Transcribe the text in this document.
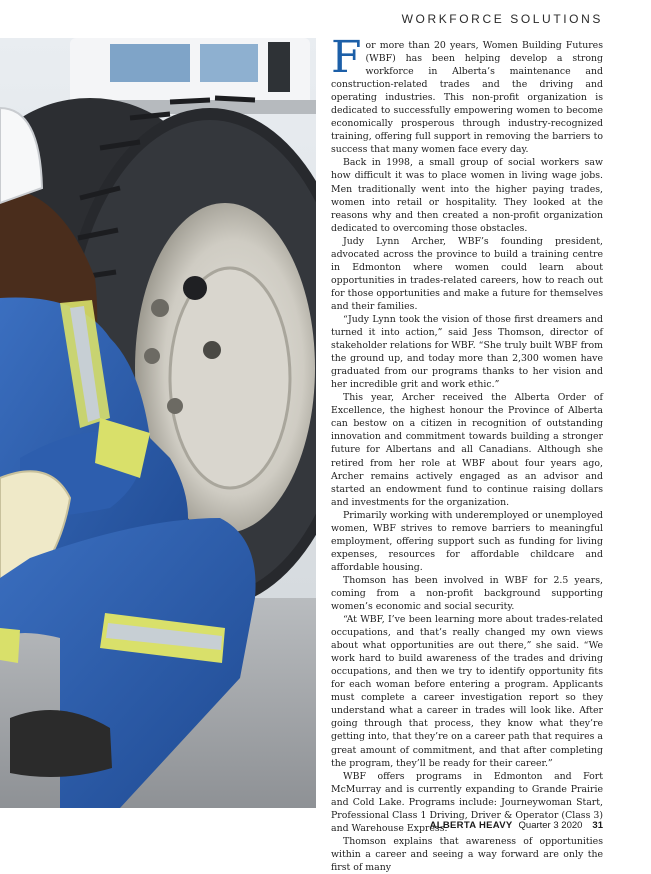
WORKFORCE SOLUTIONS

For more than 20 years, Women Building Futures (WBF) has been helping develop a strong workforce in Alberta’s maintenance and construction-related trades and the driving and operating industries. This non-profit organization is dedicated to successfully empowering women to become economically prosperous through industry-recognized training, offering full support in removing the barriers to success that many women face every day.

Back in 1998, a small group of social workers saw how difficult it was to place women in living wage jobs. Men traditionally went into the higher paying trades, women into retail or hospitality. They looked at the reasons why and then created a non-profit organization dedicated to overcoming those obstacles.

Judy Lynn Archer, WBF’s founding president, advocated across the province to build a training centre in Edmonton where women could learn about opportunities in trades-related careers, how to reach out for those opportunities and make a future for themselves and their families.

“Judy Lynn took the vision of those first dreamers and turned it into action,” said Jess Thomson, director of stakeholder relations for WBF. “She truly built WBF from the ground up, and today more than 2,300 women have graduated from our programs thanks to her vision and her incredible grit and work ethic.”

This year, Archer received the Alberta Order of Excellence, the highest honour the Province of Alberta can bestow on a citizen in recognition of outstanding innovation and commitment towards building a stronger future for Albertans and all Canadians. Although she retired from her role at WBF about four years ago, Archer remains actively engaged as an advisor and started an endowment fund to continue raising dollars and investments for the organization.

Primarily working with underemployed or unemployed women, WBF strives to remove barriers to meaningful employment, offering support such as funding for living expenses, resources for affordable childcare and affordable housing.

Thomson has been involved in WBF for 2.5 years, coming from a non-profit background supporting women’s economic and social security.

“At WBF, I’ve been learning more about trades-related occupations, and that’s really changed my own views about what opportunities are out there,” she said. “We work hard to build awareness of the trades and driving occupations, and then we try to identify opportunity fits for each woman before entering a program. Applicants must complete a career investigation report so they understand what a career in trades will look like. After going through that process, they know what they’re getting into, that they’re on a career path that requires a great amount of commitment, and that after completing the program, they’ll be ready for their career.”

WBF offers programs in Edmonton and Fort McMurray and is currently expanding to Grande Prairie and Cold Lake. Programs include: Journeywoman Start, Professional Class 1 Driving, Driver & Operator (Class 3) and Warehouse Express.

Thomson explains that awareness of opportunities within a career and seeing a way forward are only the first of many

ALBERTA HEAVY Quarter 3 2020 31
